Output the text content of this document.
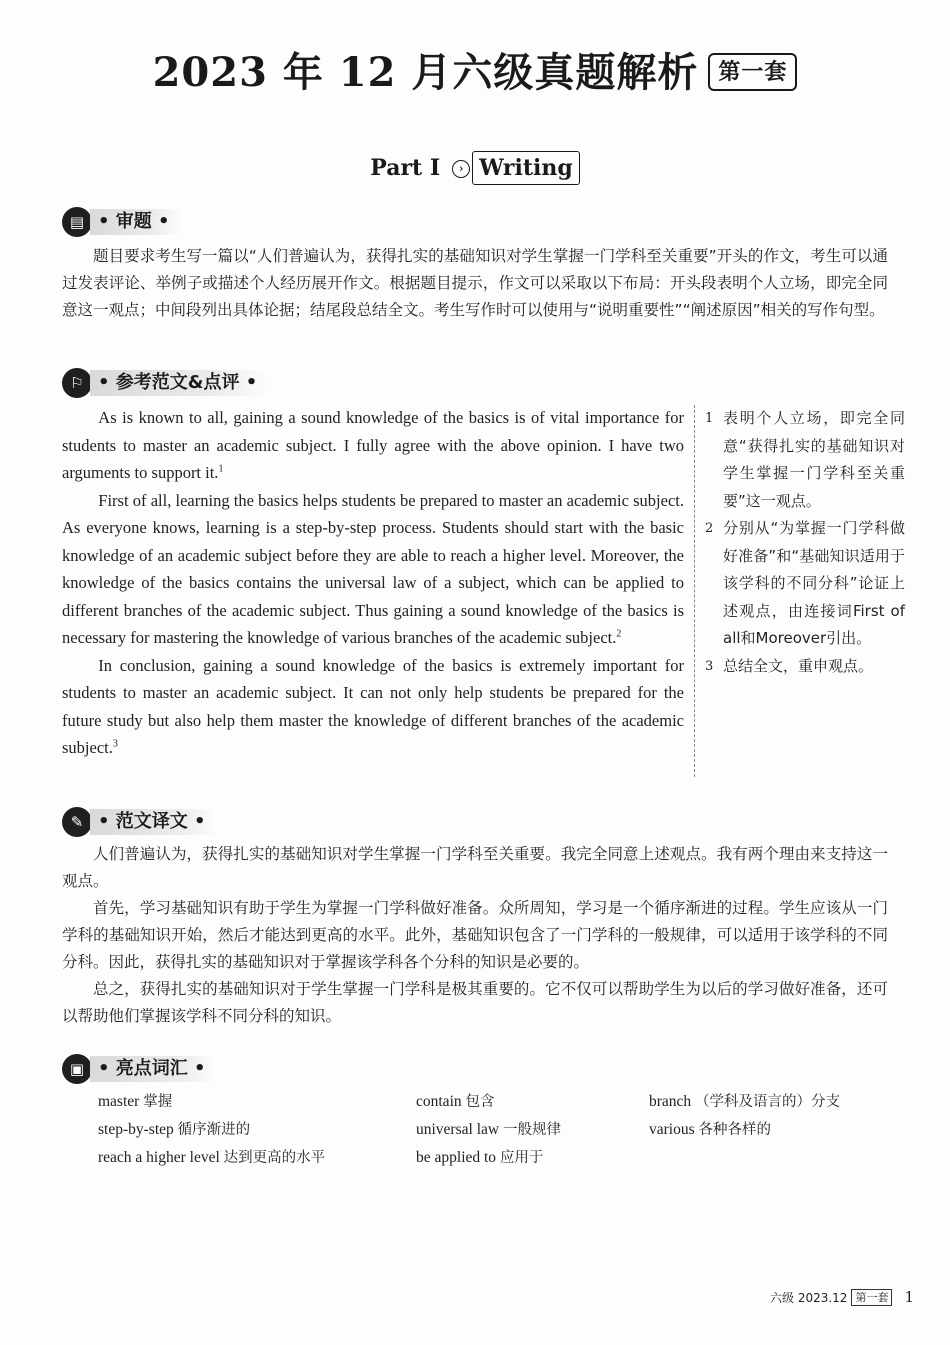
2023 年 12 月六级真题解析 第一套
Part I › Writing
▤ • 审题 •

题目要求考生写一篇以“人们普遍认为，获得扎实的基础知识对学生掌握一门学科至关重要”开头的作文，考生可以通过发表评论、举例子或描述个人经历展开作文。根据题目提示，作文可以采取以下布局：开头段表明个人立场，即完全同意这一观点；中间段列出具体论据；结尾段总结全文。考生写作时可以使用与“说明重要性”“阐述原因”相关的写作句型。

⚐ • 参考范文&点评 •

As is known to all, gaining a sound knowledge of the basics is of vital importance for students to master an academic subject. I fully agree with the above opinion. I have two arguments to support it.$^1$

First of all, learning the basics helps students be prepared to master an academic subject. As everyone knows, learning is a step-by-step process. Students should start with the basic knowledge of an academic subject before they are able to reach a higher level. Moreover, the knowledge of the basics contains the universal law of a subject, which can be applied to different branches of the academic subject. Thus gaining a sound knowledge of the basics is necessary for mastering the knowledge of various branches of the academic subject.$^2$

In conclusion, gaining a sound knowledge of the basics is extremely important for students to master an academic subject. It can not only help students be prepared for the future study but also help them master the knowledge of different branches of the academic subject.$^3$

1 表明个人立场，即完全同意“获得扎实的基础知识对学生掌握一门学科至关重要”这一观点。
2 分别从“为掌握一门学科做好准备”和“基础知识适用于该学科的不同分科”论证上述观点，由连接词First of all和Moreover引出。
3 总结全文，重申观点。
✎ • 范文译文 •

人们普遍认为，获得扎实的基础知识对学生掌握一门学科至关重要。我完全同意上述观点。我有两个理由来支持这一观点。

首先，学习基础知识有助于学生为掌握一门学科做好准备。众所周知，学习是一个循序渐进的过程。学生应该从一门学科的基础知识开始，然后才能达到更高的水平。此外，基础知识包含了一门学科的一般规律，可以适用于该学科的不同分科。因此，获得扎实的基础知识对于掌握该学科各个分科的知识是必要的。

总之，获得扎实的基础知识对于学生掌握一门学科是极其重要的。它不仅可以帮助学生为以后的学习做好准备，还可以帮助他们掌握该学科不同分科的知识。

▣ • 亮点词汇 •
master 掌握
step-by-step 循序渐进的
reach a higher level 达到更高的水平
contain 包含
universal law 一般规律
be applied to 应用于
branch （学科及语言的）分支
various 各种各样的
六级 2023.12 第一套 1
